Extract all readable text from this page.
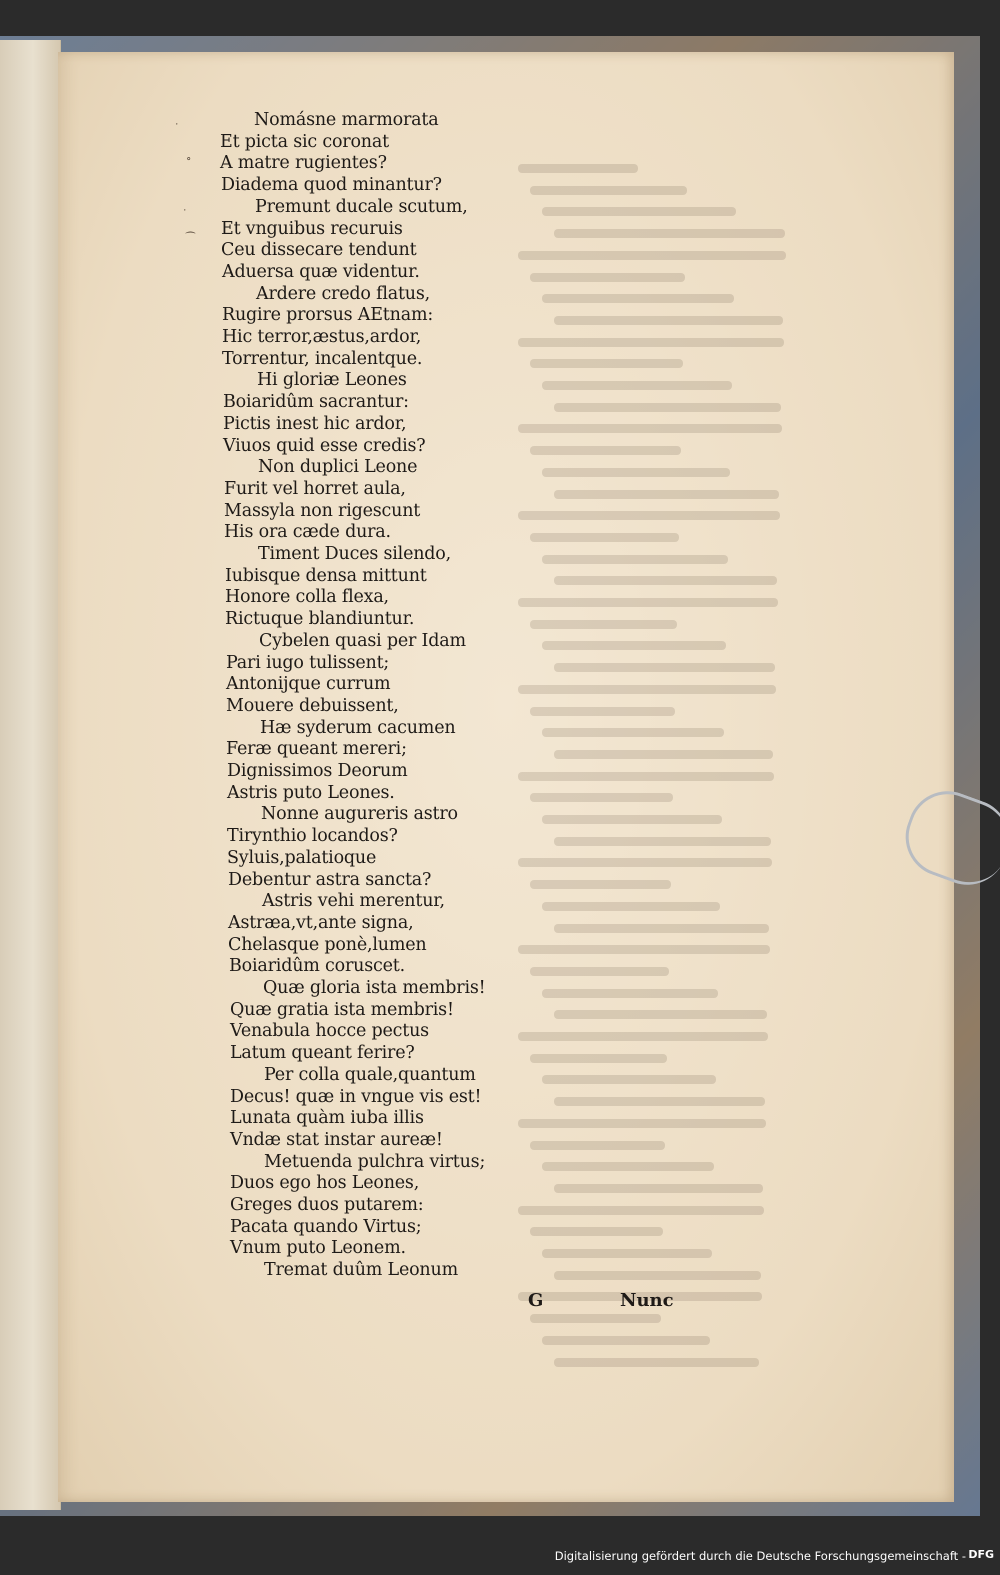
˙
∘
˙
⁀
Nomásne marmorata
Et picta sic coronat
A matre rugientes?
Diadema quod minantur?
Premunt ducale scutum,
Et vnguibus recuruis
Ceu dissecare tendunt
Aduersa quæ videntur.
Ardere credo flatus,
Rugire prorsus AEtnam:
Hic terror,æstus,ardor,
Torrentur, incalentque.
Hi gloriæ Leones
Boiaridûm sacrantur:
Pictis inest hic ardor,
Viuos quid esse credis?
Non duplici Leone
Furit vel horret aula,
Massyla non rigescunt
His ora cæde dura.
Timent Duces silendo,
Iubisque densa mittunt
Honore colla flexa,
Rictuque blandiuntur.
Cybelen quasi per Idam
Pari iugo tulissent;
Antonijque currum
Mouere debuissent,
Hæ syderum cacumen
Feræ queant mereri;
Dignissimos Deorum
Astris puto Leones.
Nonne augureris astro
Tirynthio locandos?
Syluis,palatioque
Debentur astra sancta?
Astris vehi merentur,
Astræa,vt,ante signa,
Chelasque ponè,lumen
Boiaridûm coruscet.
Quæ gloria ista membris!
Quæ gratia ista membris!
Venabula hocce pectus
Latum queant ferire?
Per colla quale,quantum
Decus! quæ in vngue vis est!
Lunata quàm iuba illis
Vndæ stat instar aureæ!
Metuenda pulchra virtus;
Duos ego hos Leones,
Greges duos putarem:
Pacata quando Virtus;
Vnum puto Leonem.
Tremat duûm Leonum
G	Nunc
Digitalisierung gefördert durch die Deutsche Forschungsgemeinschaft - DFG
